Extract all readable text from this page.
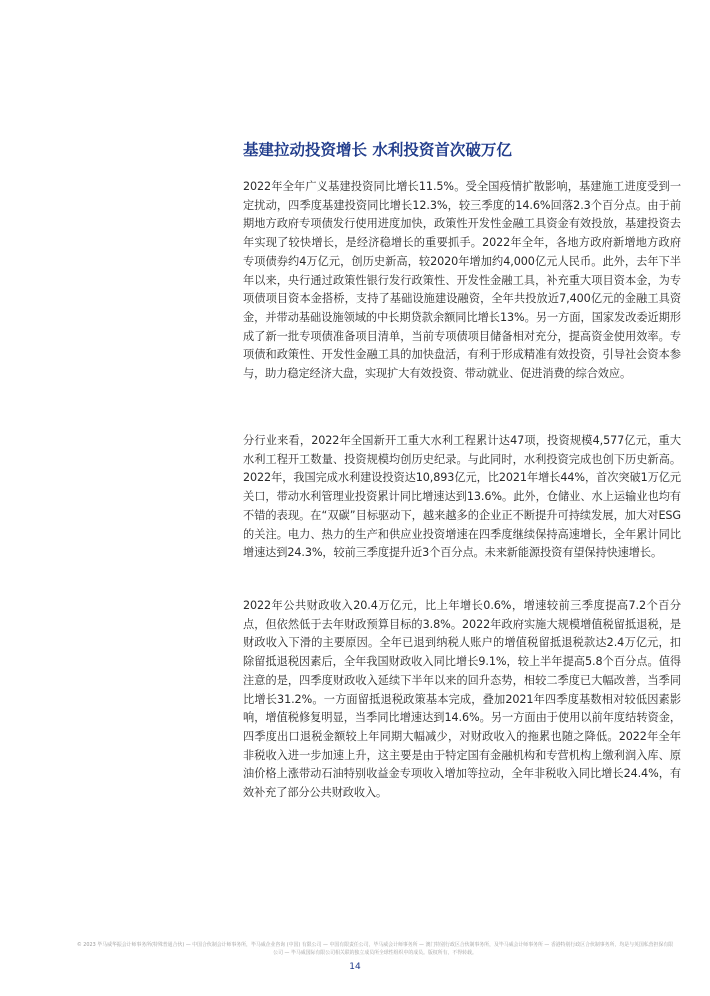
基建拉动投资增长 水利投资首次破万亿

2022年全年广义基建投资同比增长11.5%。受全国疫情扩散影响，基建施工进度受到一定扰动，四季度基建投资同比增长12.3%，较三季度的14.6%回落2.3个百分点。由于前期地方政府专项债发行使用进度加快，政策性开发性金融工具资金有效投放，基建投资去年实现了较快增长，是经济稳增长的重要抓手。2022年全年，各地方政府新增地方政府专项债券约4万亿元，创历史新高，较2020年增加约4,000亿元人民币。此外，去年下半年以来，央行通过政策性银行发行政策性、开发性金融工具，补充重大项目资本金，为专项债项目资本金搭桥，支持了基础设施建设融资，全年共投放近7,400亿元的金融工具资金，并带动基础设施领域的中长期贷款余额同比增长13%。另一方面，国家发改委近期形成了新一批专项债准备项目清单，当前专项债项目储备相对充分，提高资金使用效率。专项债和政策性、开发性金融工具的加快盘活，有利于形成精准有效投资，引导社会资本参与，助力稳定经济大盘，实现扩大有效投资、带动就业、促进消费的综合效应。

分行业来看，2022年全国新开工重大水利工程累计达47项，投资规模4,577亿元，重大水利工程开工数量、投资规模均创历史纪录。与此同时，水利投资完成也创下历史新高。2022年，我国完成水利建设投资达10,893亿元，比2021年增长44%，首次突破1万亿元关口，带动水利管理业投资累计同比增速达到13.6%。此外，仓储业、水上运输业也均有不错的表现。在“双碳”目标驱动下，越来越多的企业正不断提升可持续发展，加大对ESG的关注。电力、热力的生产和供应业投资增速在四季度继续保持高速增长，全年累计同比增速达到24.3%，较前三季度提升近3个百分点。未来新能源投资有望保持快速增长。

2022年公共财政收入20.4万亿元，比上年增长0.6%，增速较前三季度提高7.2个百分点，但依然低于去年财政预算目标的3.8%。2022年政府实施大规模增值税留抵退税，是财政收入下滑的主要原因。全年已退到纳税人账户的增值税留抵退税款达2.4万亿元，扣除留抵退税因素后，全年我国财政收入同比增长9.1%，较上半年提高5.8个百分点。值得注意的是，四季度财政收入延续下半年以来的回升态势，相较二季度已大幅改善，当季同比增长31.2%。一方面留抵退税政策基本完成，叠加2021年四季度基数相对较低因素影响，增值税修复明显，当季同比增速达到14.6%。另一方面由于使用以前年度结转资金，四季度出口退税金额较上年同期大幅减少，对财政收入的拖累也随之降低。2022年全年非税收入进一步加速上升，这主要是由于特定国有金融机构和专营机构上缴利润入库、原油价格上涨带动石油特别收益金专项收入增加等拉动，全年非税收入同比增长24.4%，有效补充了部分公共财政收入。

© 2023 毕马威华振会计师事务所(特殊普通合伙) — 中国合伙制会计师事务所，毕马威企业咨询 (中国) 有限公司 — 中国有限责任公司，毕马威会计师事务所 — 澳门特别行政区合伙制事务所，及毕马威会计师事务所 — 香港特别行政区合伙制事务所，均是与英国私营担保有限公司 — 毕马威国际有限公司相关联的独立成员所全球性组织中的成员。版权所有，不得转载。
14
